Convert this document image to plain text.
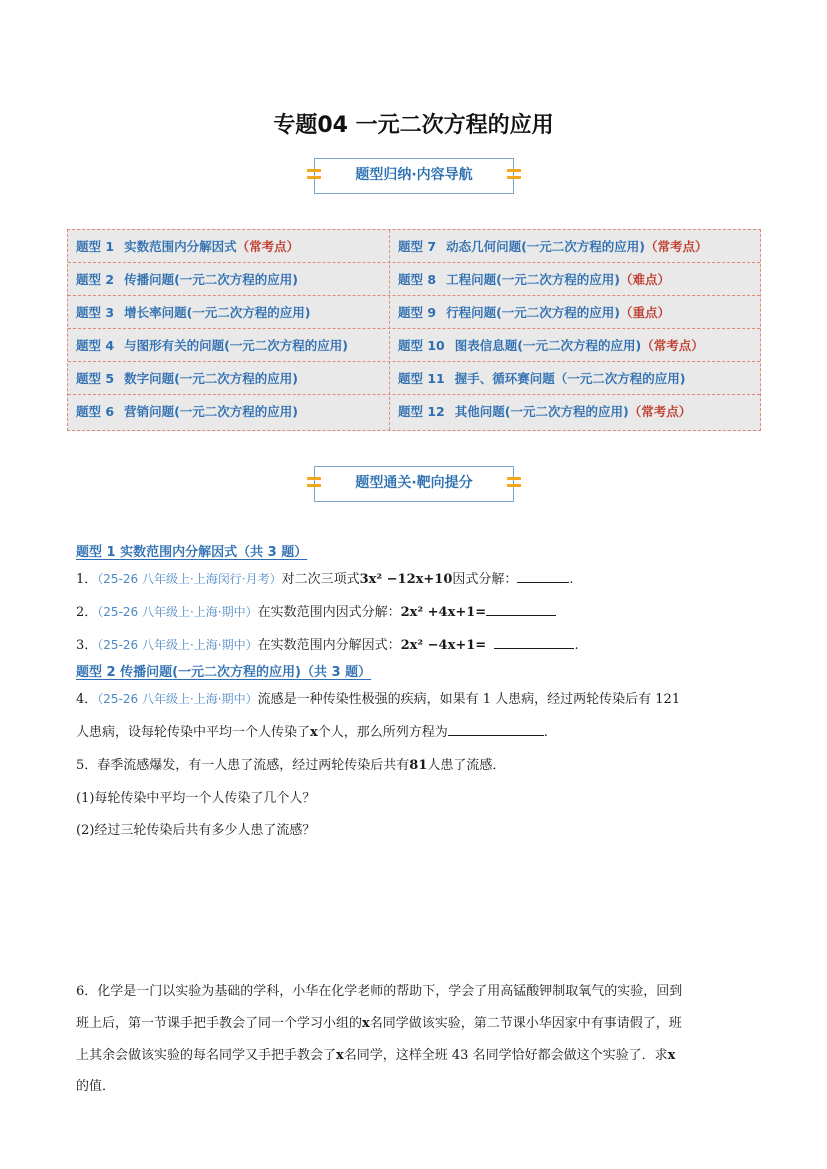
专题04 一元二次方程的应用
题型归纳·内容导航
题型 1 实数范围内分解因式（常考点）	题型 7 动态几何问题(一元二次方程的应用)（常考点）
题型 2 传播问题(一元二次方程的应用)	题型 8 工程问题(一元二次方程的应用)（难点）
题型 3 增长率问题(一元二次方程的应用)	题型 9 行程问题(一元二次方程的应用)（重点）
题型 4 与图形有关的问题(一元二次方程的应用)	题型 10 图表信息题(一元二次方程的应用)（常考点）
题型 5 数字问题(一元二次方程的应用)	题型 11 握手、循环赛问题（一元二次方程的应用)
题型 6 营销问题(一元二次方程的应用)	题型 12 其他问题(一元二次方程的应用)（常考点）
题型通关·靶向提分
题型 1 实数范围内分解因式（共 3 题）
1．（25-26 八年级上·上海闵行·月考）对二次三项式3x² −12x+10因式分解：	.
2．（25-26 八年级上·上海·期中）在实数范围内因式分解：2x² +4x+1=
3．（25-26 八年级上·上海·期中）在实数范围内分解因式：2x² −4x+1=	.
题型 2 传播问题(一元二次方程的应用)（共 3 题）
4．（25-26 八年级上·上海·期中）流感是一种传染性极强的疾病，如果有 1 人患病，经过两轮传染后有 121
人患病，设每轮传染中平均一个人传染了x个人，那么所列方程为	.
5．春季流感爆发，有一人患了流感，经过两轮传染后共有81人患了流感．
(1)每轮传染中平均一个人传染了几个人？
(2)经过三轮传染后共有多少人患了流感？
6．化学是一门以实验为基础的学科，小华在化学老师的帮助下，学会了用高锰酸钾制取氧气的实验，回到
班上后，第一节课手把手教会了同一个学习小组的x名同学做该实验，第二节课小华因家中有事请假了，班
上其余会做该实验的每名同学又手把手教会了x名同学，这样全班 43 名同学恰好都会做这个实验了．求x
的值．
